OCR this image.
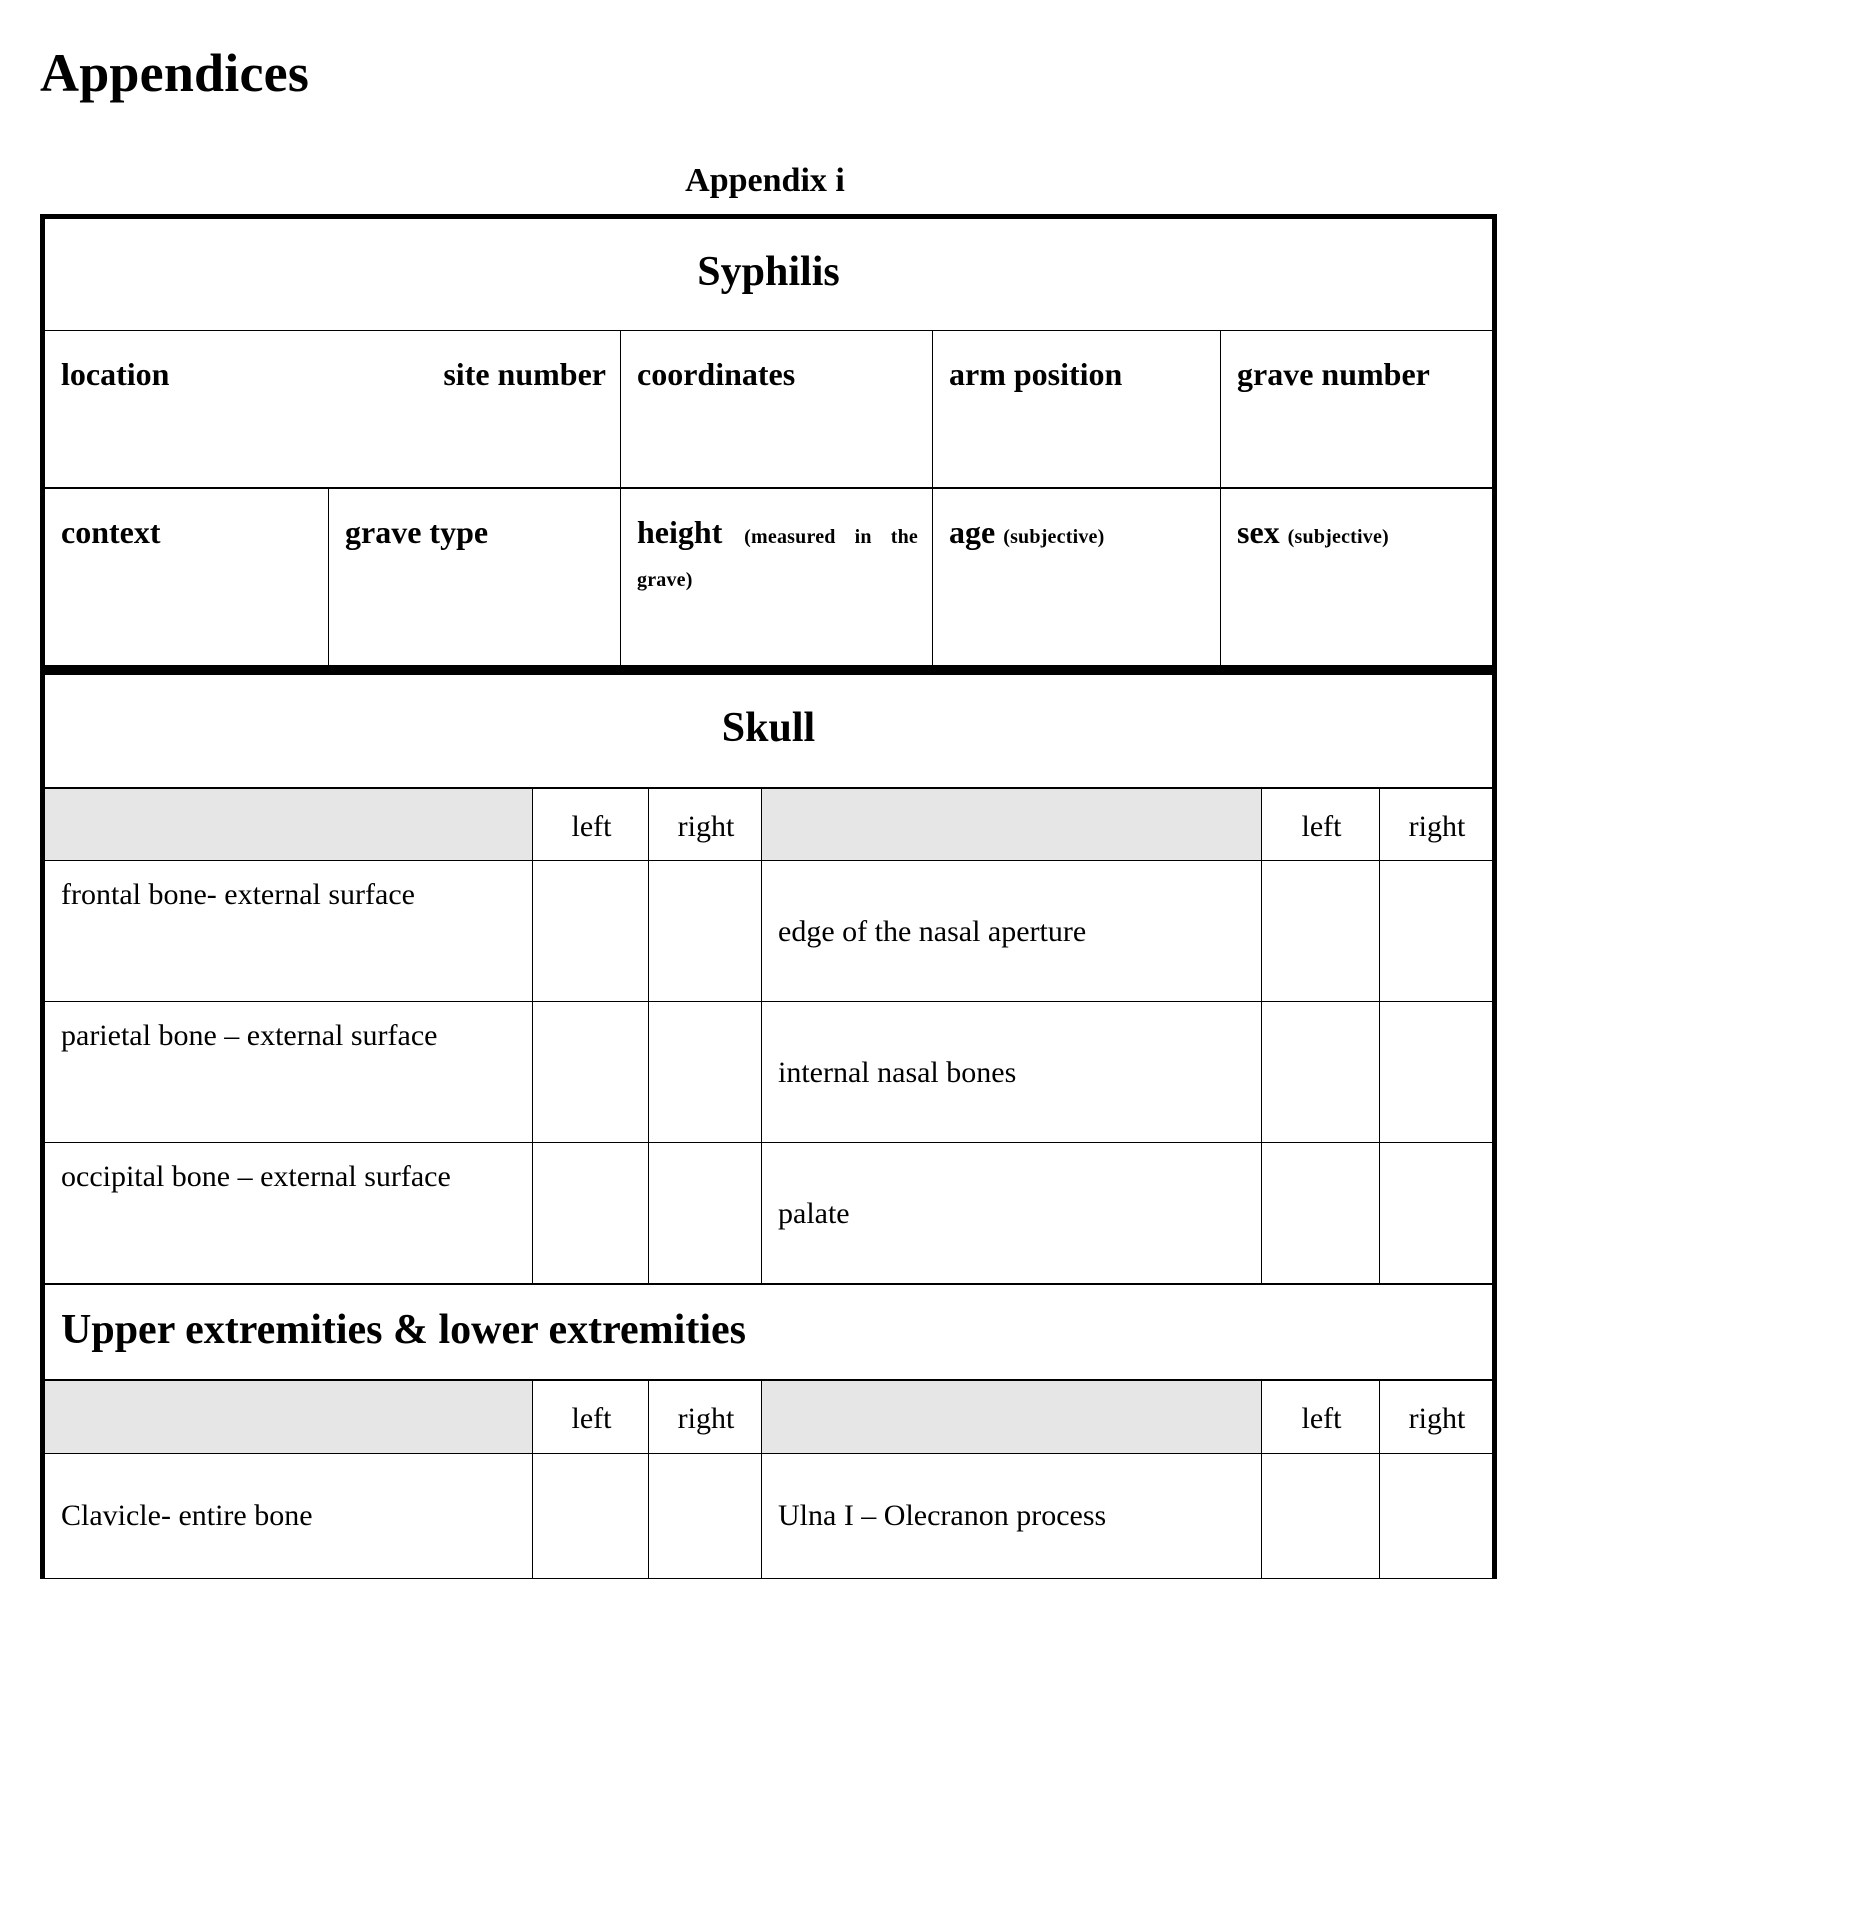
Appendices
Appendix i
Syphilis				

location site number		coordinates	arm position	grave number
context	grave type	height (measured in the grave)	age (subjective)	sex (subjective)
Skull					
	left	right		left	right
frontal bone- external surface			edge of the nasal aperture		
parietal bone – external surface			internal nasal bones		
occipital bone – external surface			palate		
Upper extremities & lower extremities					
	left	right		left	right
Clavicle- entire bone			Ulna I – Olecranon process		
